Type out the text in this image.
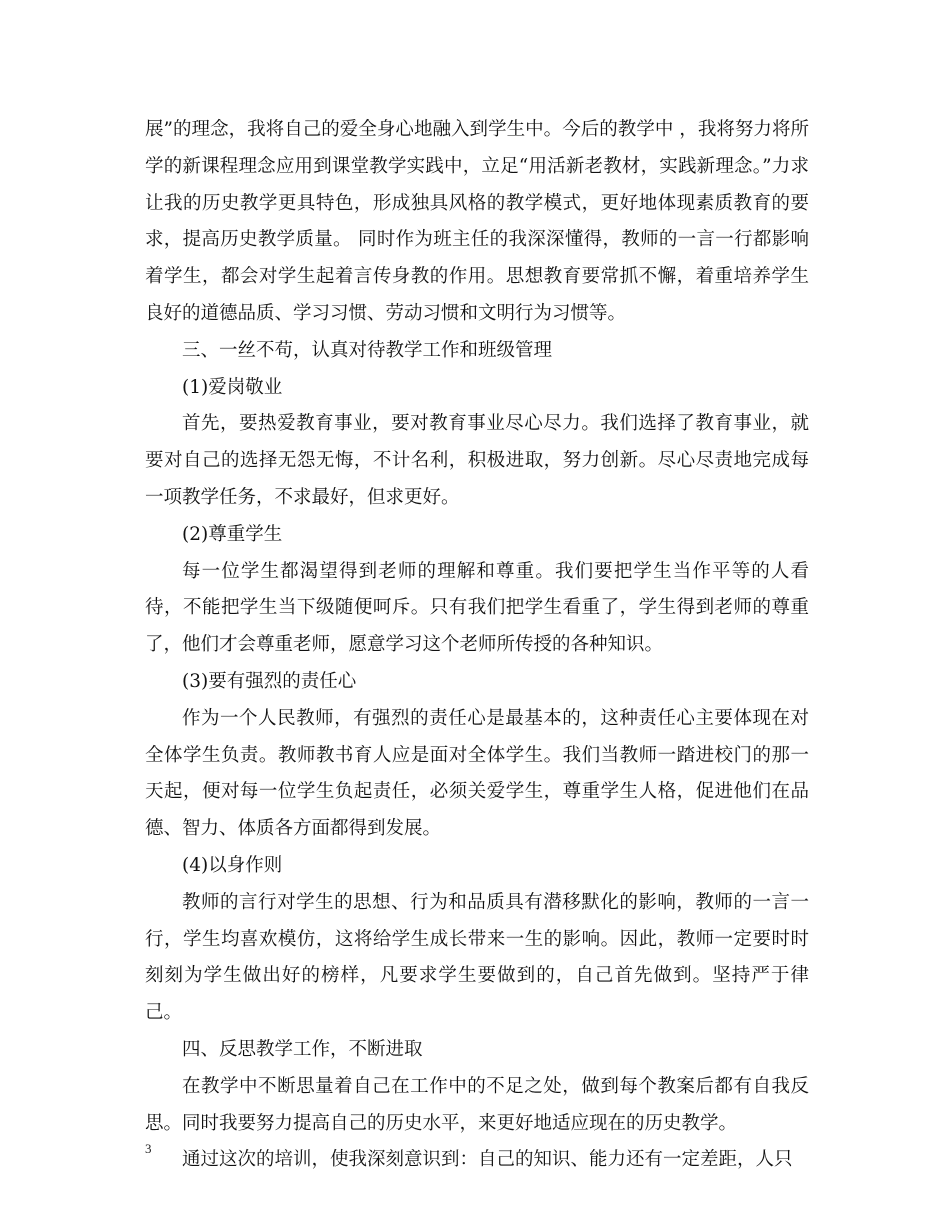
展”的理念，我将自己的爱全身心地融入到学生中。今后的教学中 ，我将努力将所学的新课程理念应用到课堂教学实践中，立足“用活新老教材，实践新理念。”力求让我的历史教学更具特色，形成独具风格的教学模式，更好地体现素质教育的要求，提高历史教学质量。 同时作为班主任的我深深懂得，教师的一言一行都影响着学生，都会对学生起着言传身教的作用。思想教育要常抓不懈，着重培养学生良好的道德品质、学习习惯、劳动习惯和文明行为习惯等。

三、一丝不苟，认真对待教学工作和班级管理

(1)爱岗敬业

首先，要热爱教育事业，要对教育事业尽心尽力。我们选择了教育事业，就要对自己的选择无怨无悔，不计名利，积极进取，努力创新。尽心尽责地完成每一项教学任务，不求最好，但求更好。

(2)尊重学生

每一位学生都渴望得到老师的理解和尊重。我们要把学生当作平等的人看待，不能把学生当下级随便呵斥。只有我们把学生看重了，学生得到老师的尊重了，他们才会尊重老师，愿意学习这个老师所传授的各种知识。

(3)要有强烈的责任心

作为一个人民教师，有强烈的责任心是最基本的，这种责任心主要体现在对全体学生负责。教师教书育人应是面对全体学生。我们当教师一踏进校门的那一天起，便对每一位学生负起责任，必须关爱学生，尊重学生人格，促进他们在品德、智力、体质各方面都得到发展。

(4)以身作则

教师的言行对学生的思想、行为和品质具有潜移默化的影响，教师的一言一行，学生均喜欢模仿，这将给学生成长带来一生的影响。因此，教师一定要时时刻刻为学生做出好的榜样，凡要求学生要做到的，自己首先做到。坚持严于律己。

四、反思教学工作，不断进取

在教学中不断思量着自己在工作中的不足之处，做到每个教案后都有自我反思。同时我要努力提高自己的历史水平，来更好地适应现在的历史教学。

通过这次的培训，使我深刻意识到：自己的知识、能力还有一定差距，人只

3
